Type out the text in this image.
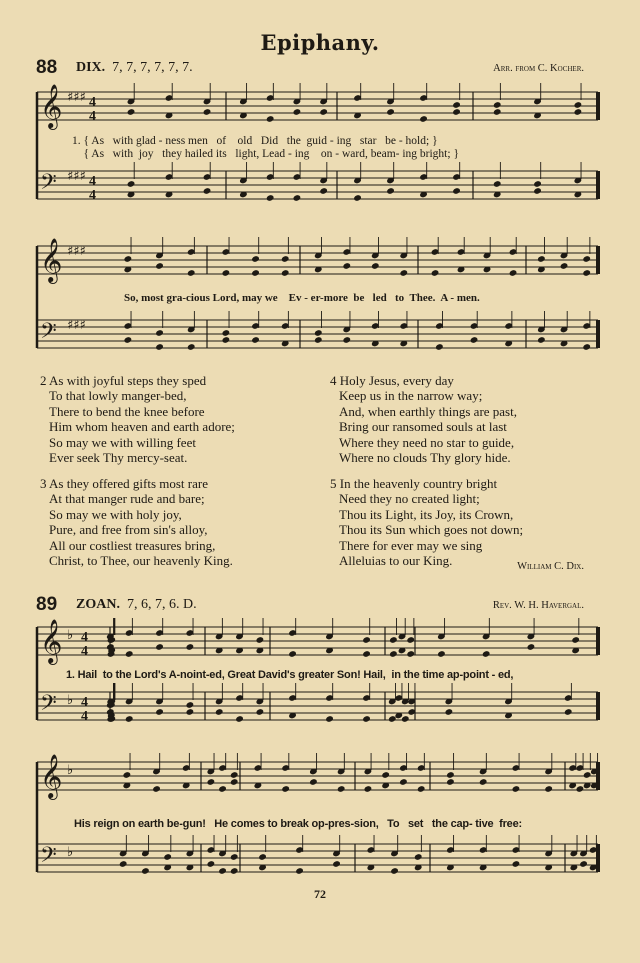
Epiphany.
88 DIX. 7, 7, 7, 7, 7, 7.	Arr. from C. Kocher.
1. { As   with glad - ness men   of    old   Did   the  guid - ing   star   be - hold; }
{ As   with  joy   they hailed its   light, Lead - ing    on - ward, beam- ing bright; }
So, most gra-cious Lord, may we    Ev - er-more  be   led   to  Thee.  A - men.
2 As with joyful steps they sped
To that lowly manger-bed,
There to bend the knee before
Him whom heaven and earth adore;
So may we with willing feet
Ever seek Thy mercy-seat.
3 As they offered gifts most rare
At that manger rude and bare;
So may we with holy joy,
Pure, and free from sin's alloy,
All our costliest treasures bring,
Christ, to Thee, our heavenly King.
4 Holy Jesus, every day
Keep us in the narrow way;
And, when earthly things are past,
Bring our ransomed souls at last
Where they need no star to guide,
Where no clouds Thy glory hide.
5 In the heavenly country bright
Need they no created light;
Thou its Light, its Joy, its Crown,
Thou its Sun which goes not down;
There for ever may we sing
Alleluias to our King.	William C. Dix.
89 ZOAN. 7, 6, 7, 6. D.	Rev. W. H. Havergal.
1. Hail  to the Lord's A-noint-ed, Great David's greater Son! Hail,  in the time ap-point - ed,
His reign on earth be-gun!   He comes to break op-pres-sion,   To   set   the cap- tive  free:
72
𝄞 ♯♯♯ 4
4
𝄢 ♯♯♯ 4
4
𝄞 ♯♯♯
𝄢 ♯♯♯
𝄞 ♭ 4
4
𝄢 ♭ 4
4
𝄞 ♭
𝄢 ♭
